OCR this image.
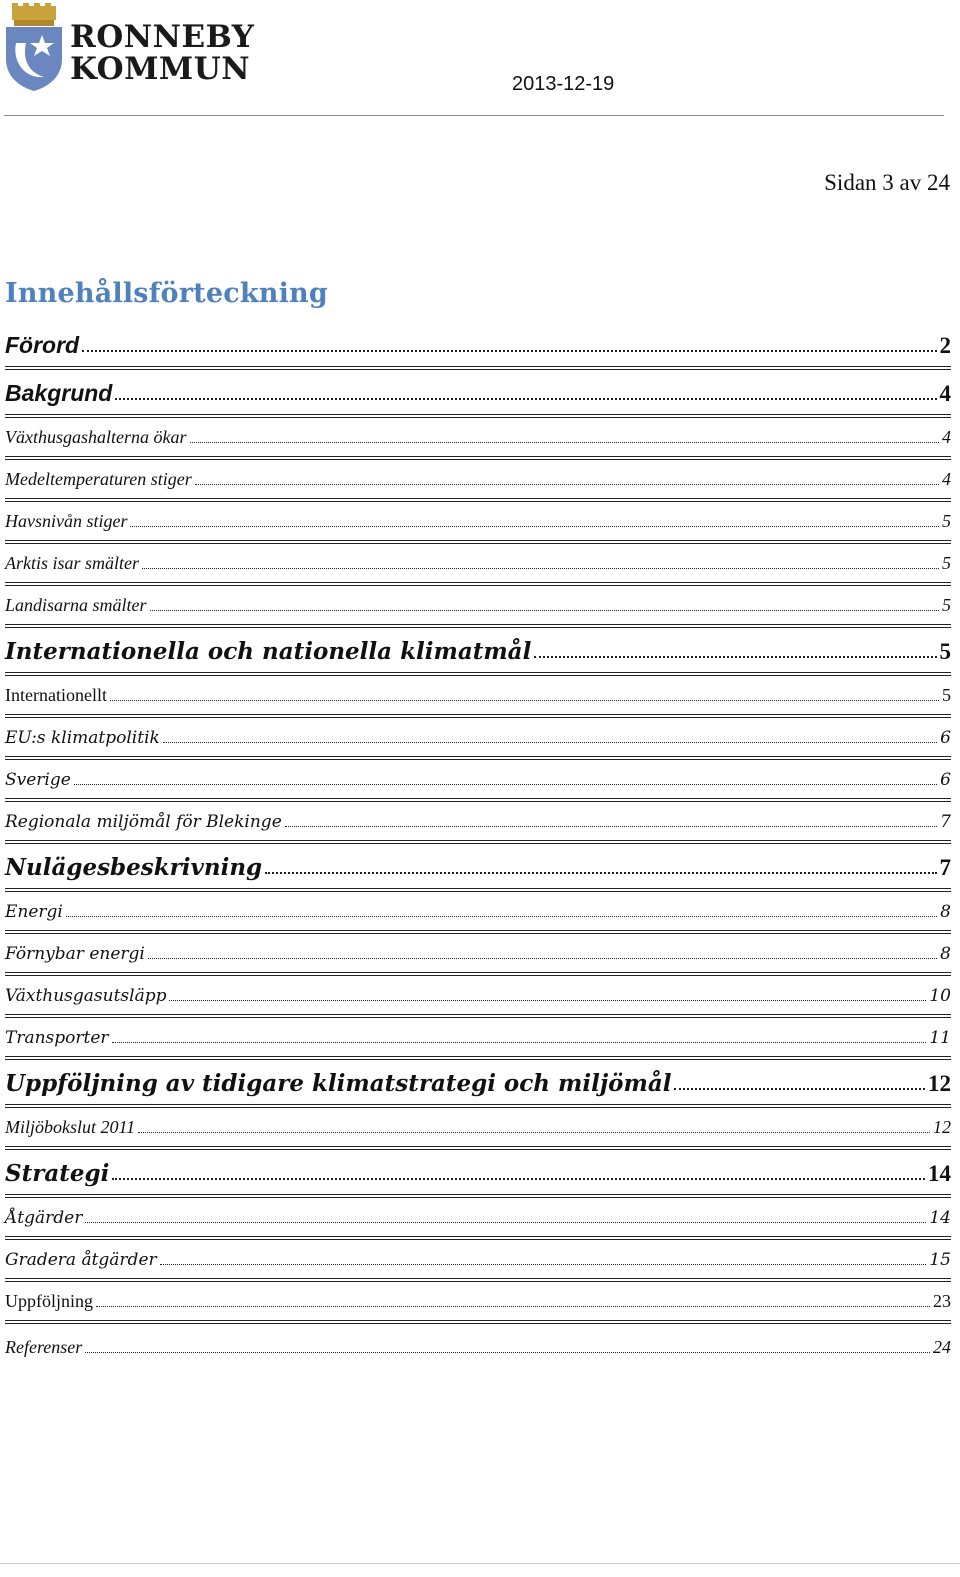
RONNEBY
KOMMUN	2013-12-19
Sidan 3 av 24
Innehållsförteckning
Förord	2
Bakgrund	4
Växthusgashalterna ökar	4
Medeltemperaturen stiger	4
Havsnivån stiger	5
Arktis isar smälter	5
Landisarna smälter	5
Internationella och nationella klimatmål	5
Internationellt	5
EU:s klimatpolitik	6
Sverige	6
Regionala miljömål för Blekinge	7
Nulägesbeskrivning	7
Energi	8
Förnybar energi	8
Växthusgasutsläpp	10
Transporter	11
Uppföljning av tidigare klimatstrategi och miljömål	12
Miljöbokslut 2011	12
Strategi	14
Åtgärder	14
Gradera åtgärder	15
Uppföljning	23
Referenser	24
